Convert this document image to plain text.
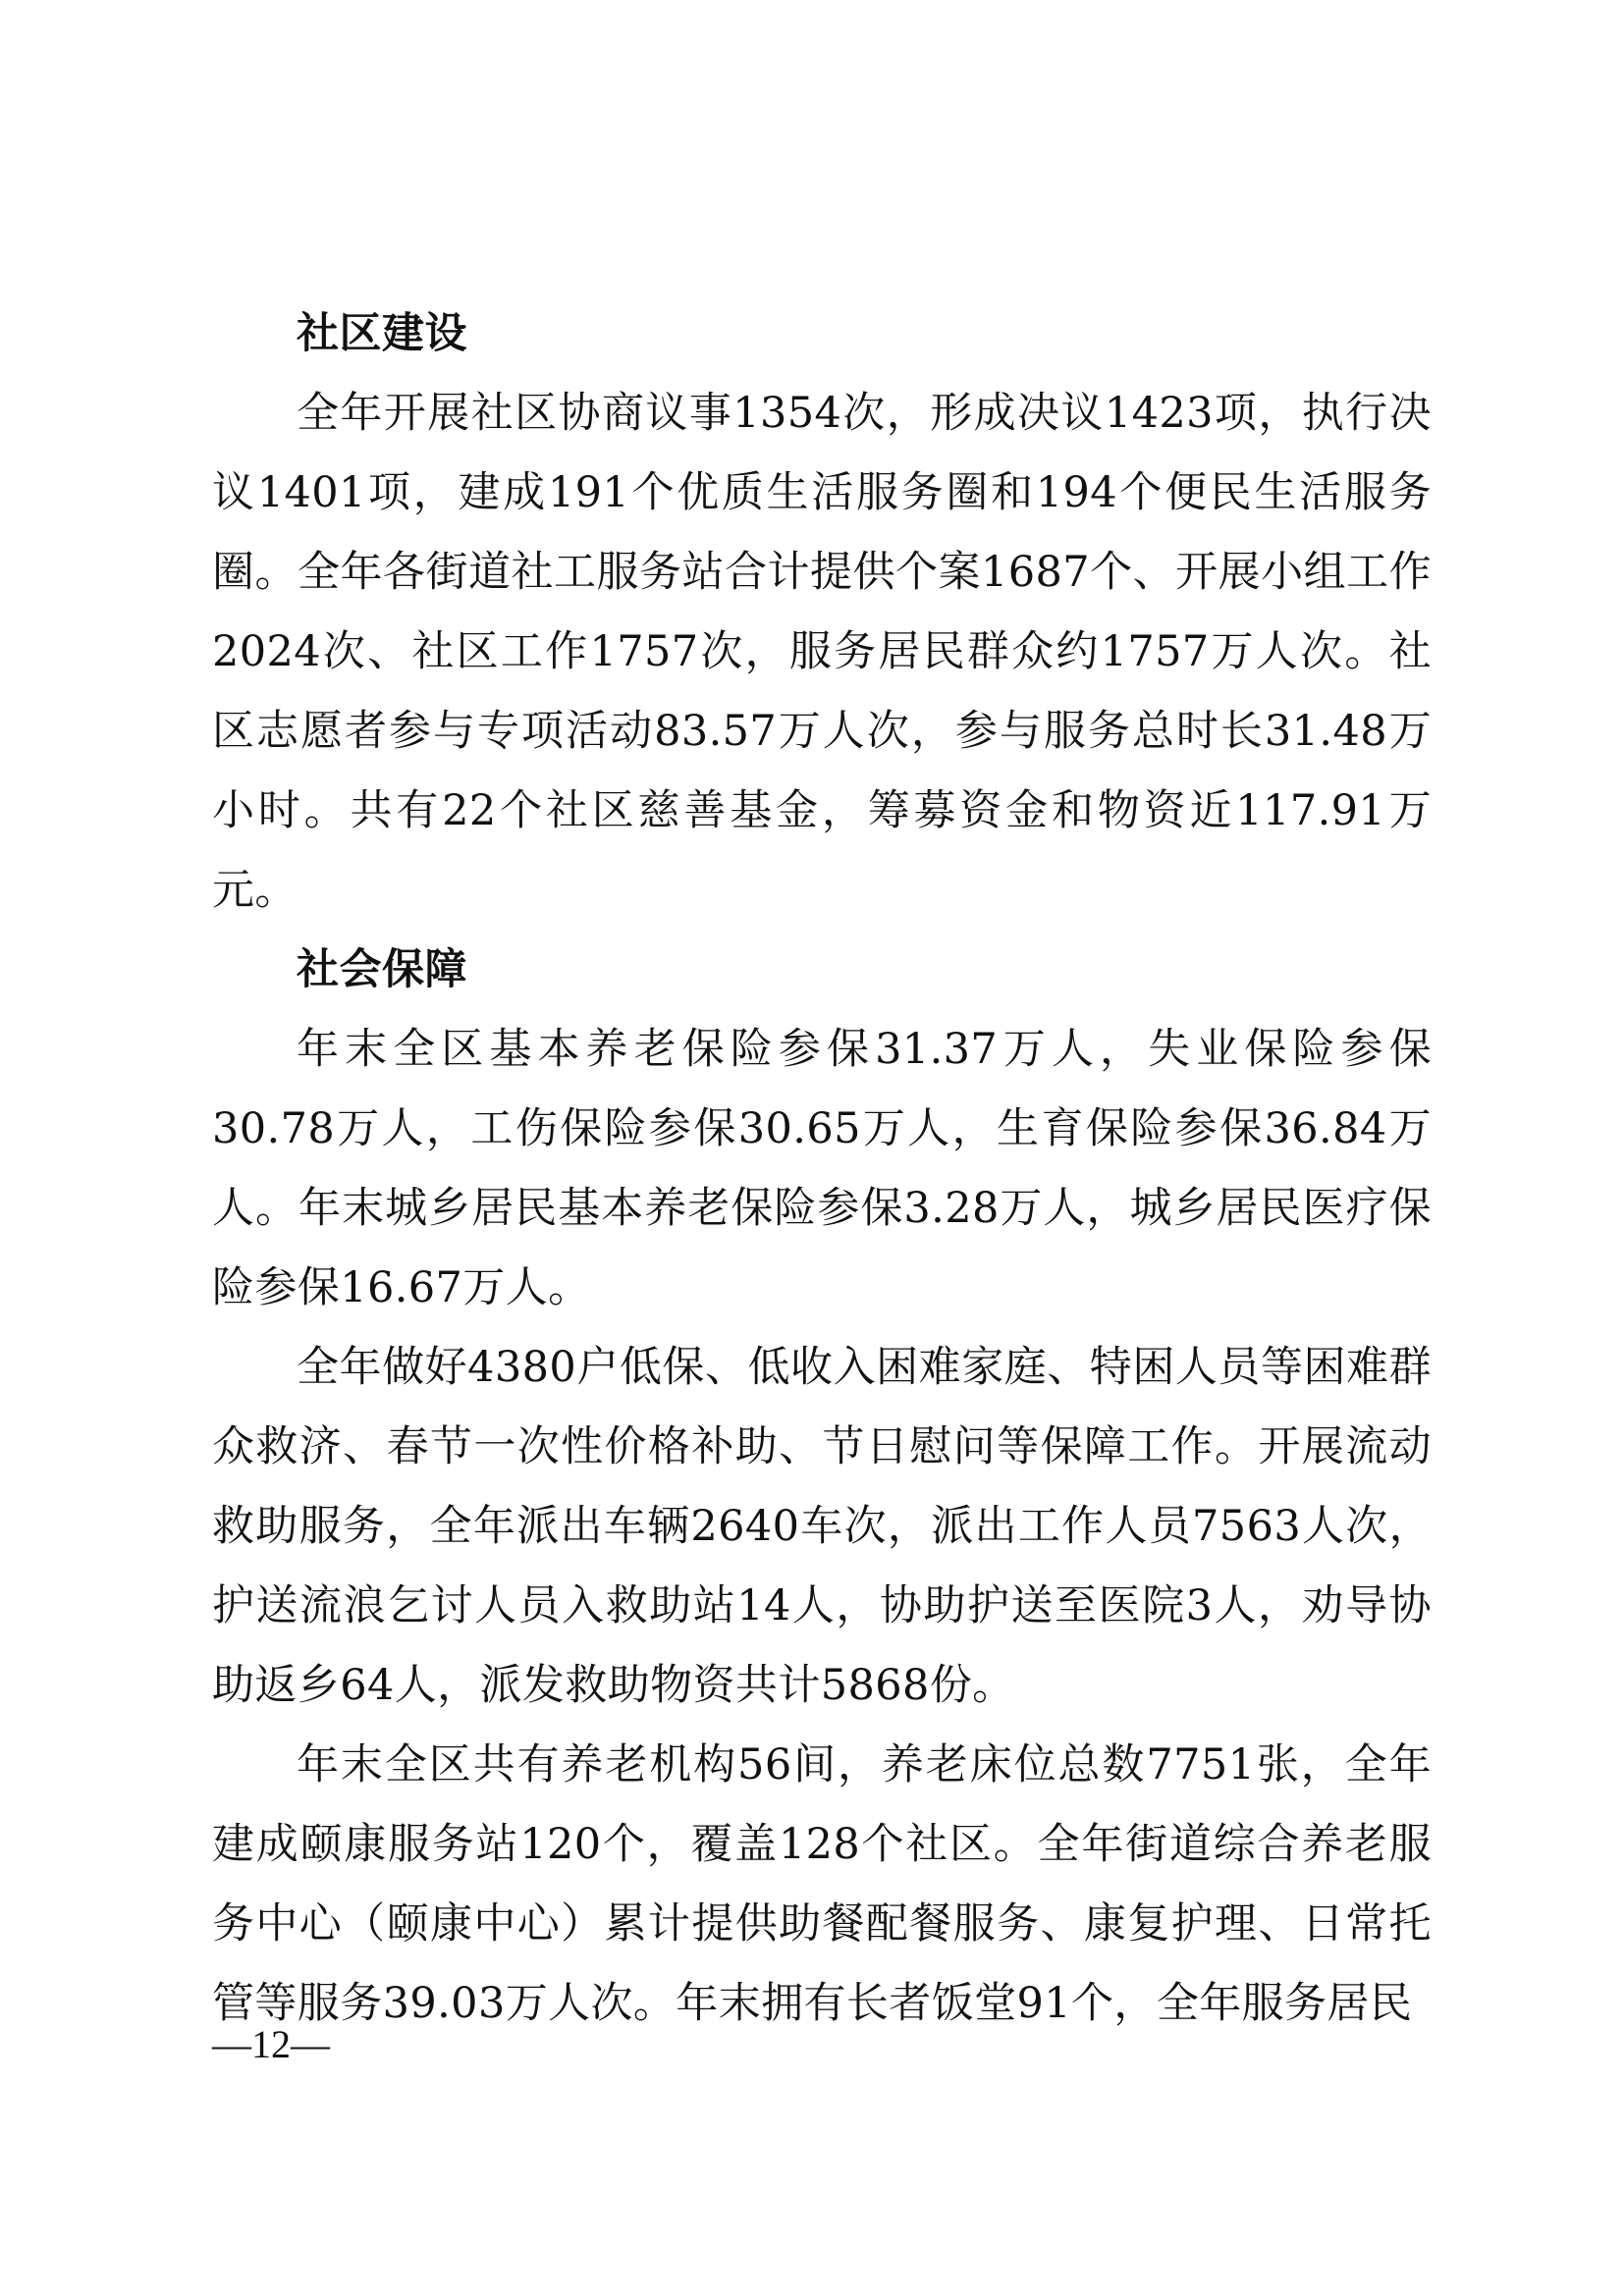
社区建设

全年开展社区协商议事1354次，形成决议1423项，执行决议1401项，建成191个优质生活服务圈和194个便民生活服务圈。全年各街道社工服务站合计提供个案1687个、开展小组工作2024次、社区工作1757次，服务居民群众约1757万人次。社区志愿者参与专项活动83.57万人次，参与服务总时长31.48万小时。共有22个社区慈善基金，筹募资金和物资近117.91万元。

社会保障

年末全区基本养老保险参保31.37万人，失业保险参保30.78万人，工伤保险参保30.65万人，生育保险参保36.84万人。年末城乡居民基本养老保险参保3.28万人，城乡居民医疗保险参保16.67万人。

全年做好4380户低保、低收入困难家庭、特困人员等困难群众救济、春节一次性价格补助、节日慰问等保障工作。开展流动救助服务，全年派出车辆2640车次，派出工作人员7563人次，护送流浪乞讨人员入救助站14人，协助护送至医院3人，劝导协助返乡64人，派发救助物资共计5868份。

年末全区共有养老机构56间，养老床位总数7751张，全年建成颐康服务站120个，覆盖128个社区。全年街道综合养老服务中心（颐康中心）累计提供助餐配餐服务、康复护理、日常托管等服务39.03万人次。年末拥有长者饭堂91个，全年服务居民

—12—
